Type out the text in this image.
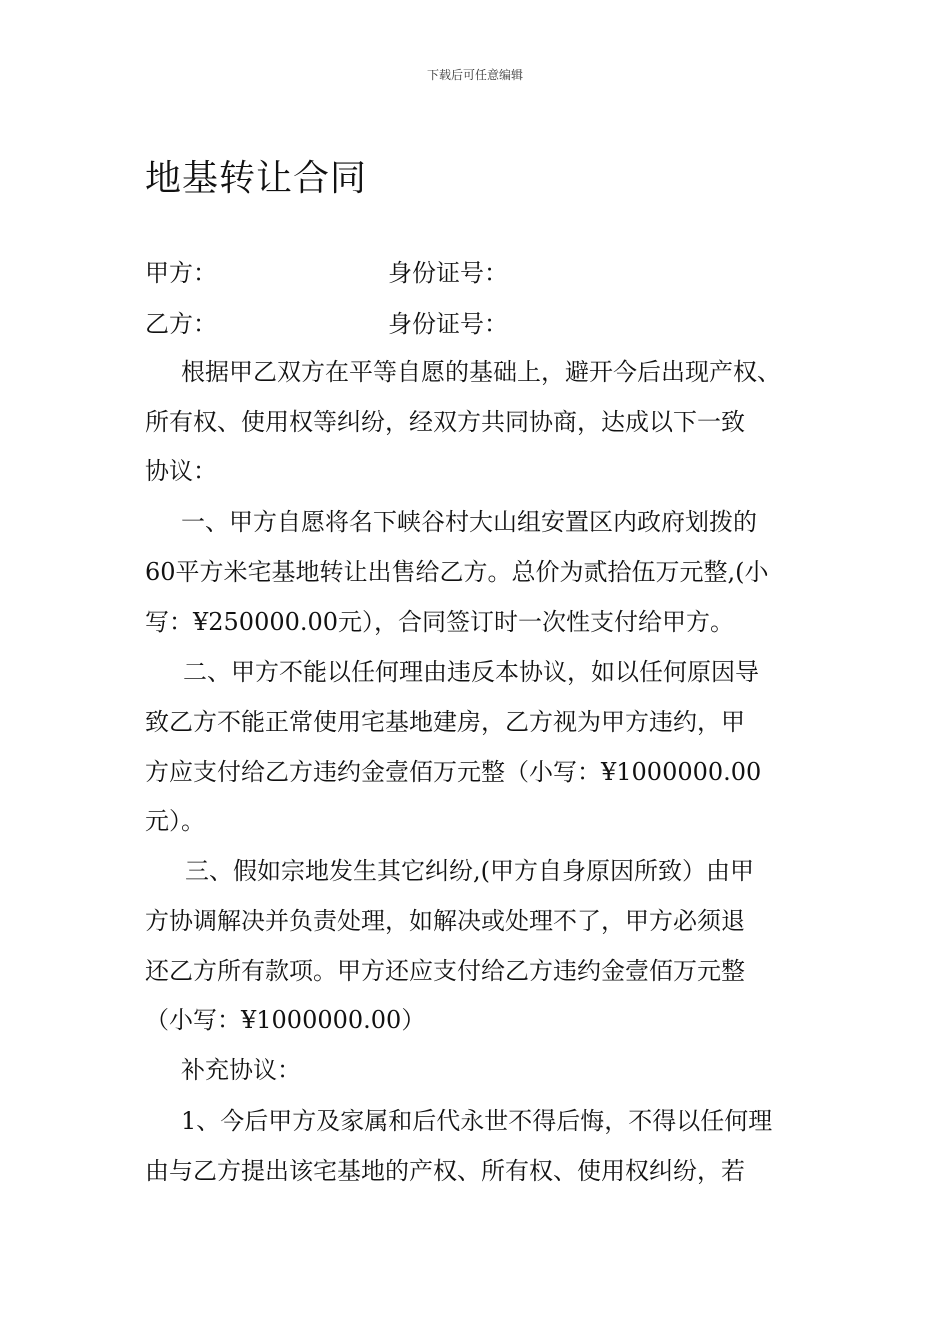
下载后可任意编辑
地基转让合同
甲方：	身份证号：
乙方：	身份证号：
根据甲乙双方在平等自愿的基础上，避开今后出现产权、
所有权、使用权等纠纷，经双方共同协商，达成以下一致
协议：
一、甲方自愿将名下峡谷村大山组安置区内政府划拨的
60平方米宅基地转让出售给乙方。总价为贰拾伍万元整,(小
写：¥250000.00元），合同签订时一次性支付给甲方。
二、甲方不能以任何理由违反本协议，如以任何原因导
致乙方不能正常使用宅基地建房，乙方视为甲方违约，甲
方应支付给乙方违约金壹佰万元整（小写：¥1000000.00
元）。
三、假如宗地发生其它纠纷,(甲方自身原因所致）由甲
方协调解决并负责处理，如解决或处理不了，甲方必须退
还乙方所有款项。甲方还应支付给乙方违约金壹佰万元整
（小写：¥1000000.00）
补充协议：
1、今后甲方及家属和后代永世不得后悔，不得以任何理
由与乙方提出该宅基地的产权、所有权、使用权纠纷，若
